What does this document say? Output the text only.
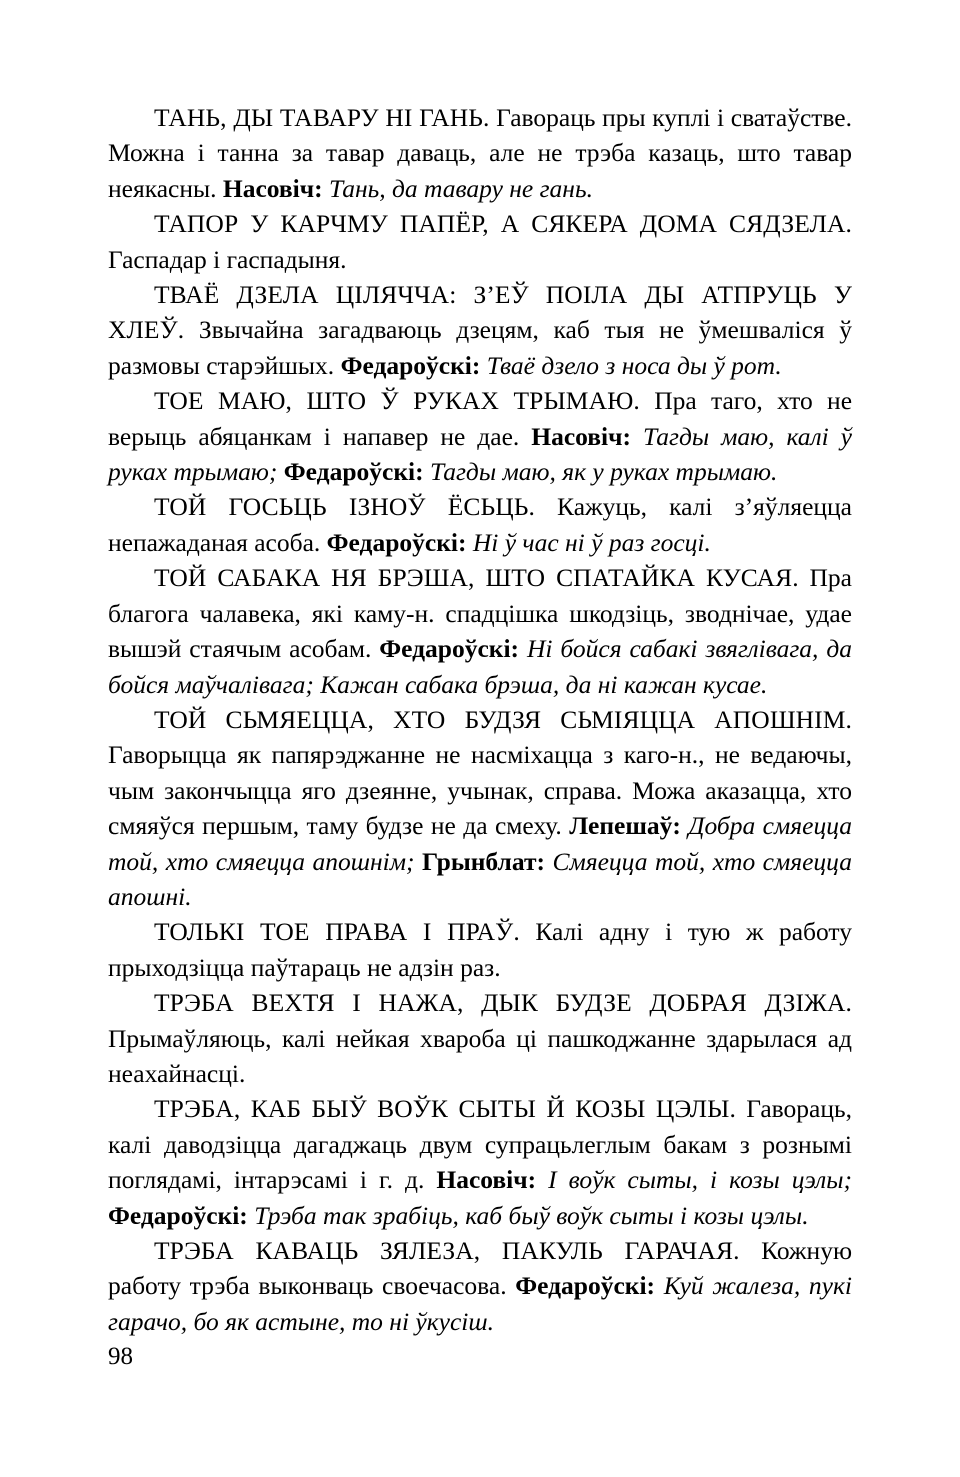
ТАНЬ, ДЫ ТАВАРУ НІ ГАНЬ. Гавораць пры куплі і сватаўстве. Можна і танна за тавар даваць, але не трэба казаць, што тавар неякасны. Насовіч: Тань, да тавару не гань.

ТАПОР У КАРЧМУ ПАПЁР, А СЯКЕРА ДОМА СЯДЗЕЛА. Гаспадар і гаспадыня.

ТВАЁ ДЗЕЛА ЦІЛЯЧЧА: З’ЕЎ ПОІЛА ДЫ АТПРУЦЬ У ХЛЕЎ. Звычайна загадваюць дзецям, каб тыя не ўмешваліся ў размовы старэйшых. Федароўскі: Тваё дзело з носа ды ў рот.

ТОЕ МАЮ, ШТО Ў РУКАХ ТРЫМАЮ. Пра таго, хто не верыць абяцанкам і напавер не дае. Насовіч: Тагды маю, калі ў руках трымаю; Федароўскі: Тагды маю, як у руках трымаю.

ТОЙ ГОСЬЦЬ ІЗНОЎ ЁСЬЦЬ. Кажуць, калі з’яўляецца непажаданая асоба. Федароўскі: Ні ў час ні ў раз госці.

ТОЙ САБАКА НЯ БРЭША, ШТО СПАТАЙКА КУСАЯ. Пра благога чалавека, які каму-н. спадцішка шкодзіць, зводнічае, удае вышэй стаячым асобам. Федароўскі: Ні бойся сабакі звяглівага, да бойся маўчалівага; Кажан сабака брэша, да ні кажан кусае.

ТОЙ СЬМЯЕЦЦА, ХТО БУДЗЯ СЬМІЯЦЦА АПОШНІМ. Гаворыцца як папярэджанне не насміхацца з каго-н., не ведаючы, чым закончыцца яго дзеянне, учынак, справа. Можа аказацца, хто смяяўся першым, таму будзе не да смеху. Лепешаў: Добра смяецца той, хто смяецца апошнім; Грынблат: Смяецца той, хто смяецца апошні.

ТОЛЬКІ ТОЕ ПРАВА І ПРАЎ. Калі адну і тую ж работу прыходзіцца паўтараць не адзін раз.

ТРЭБА ВЕХТЯ І НАЖА, ДЫК БУДЗЕ ДОБРАЯ ДЗІЖА. Прымаўляюць, калі нейкая хвароба ці пашкоджанне здарылася ад неахайнасці.

ТРЭБА, КАБ БЫЎ ВОЎК СЫТЫ Й КОЗЫ ЦЭЛЫ. Гавораць, калі даводзіцца дагаджаць двум супрацьлеглым бакам з рознымі поглядамі, інтарэсамі і г. д. Насовіч: І воўк сыты, і козы цэлы; Федароўскі: Трэба так зрабіць, каб быў воўк сыты і козы цэлы.

ТРЭБА КАВАЦЬ ЗЯЛЕЗА, ПАКУЛЬ ГАРАЧАЯ. Кожную работу трэба выконваць своечасова. Федароўскі: Куй жалеза, пукі гарачо, бо як астыне, то ні ўкусіш.

98
